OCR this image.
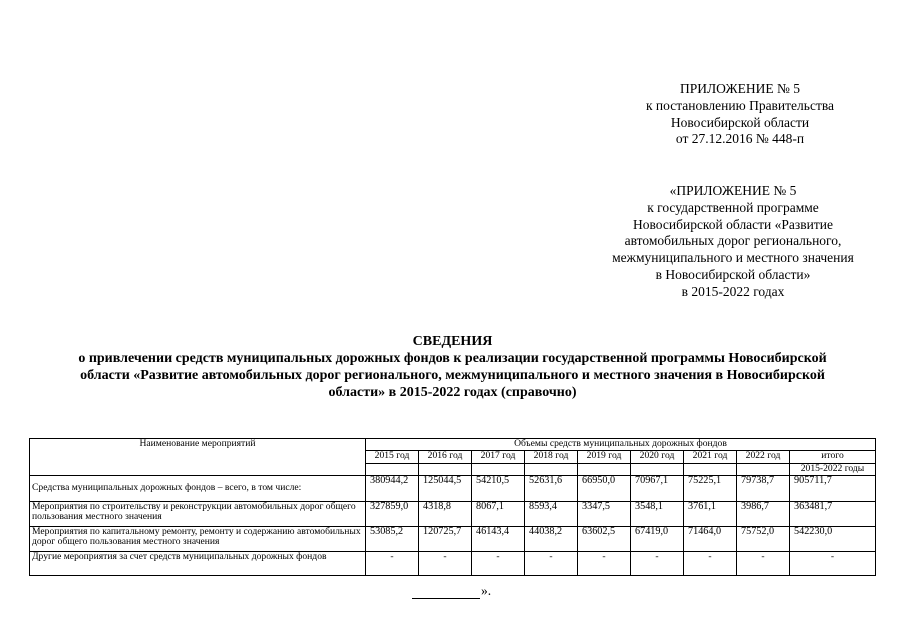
ПРИЛОЖЕНИЕ № 5
к постановлению Правительства
Новосибирской области
от 27.12.2016 № 448-п
«ПРИЛОЖЕНИЕ № 5
к государственной программе
Новосибирской области «Развитие
автомобильных дорог регионального,
межмуниципального и местного значения
в Новосибирской области»
в 2015-2022 годах
СВЕДЕНИЯ
о привлечении средств муниципальных дорожных фондов к реализации государственной программы Новосибирской
области «Развитие автомобильных дорог регионального, межмуниципального и местного значения в Новосибирской
области» в 2015-2022 годах (справочно)
Наименование мероприятий	Объемы средств муниципальных дорожных фондов								
	2015 год	2016 год	2017 год	2018 год	2019 год	2020 год	2021 год	2022 год	итого
									2015-2022 годы
Средства муниципальных дорожных фондов – всего, в том числе:	380944,2	125044,5	54210,5	52631,6	66950,0	70967,1	75225,1	79738,7	905711,7
Мероприятия по строительству и реконструкции автомобильных дорог общего пользования местного значения	327859,0	4318,8	8067,1	8593,4	3347,5	3548,1	3761,1	3986,7	363481,7
Мероприятия по капитальному ремонту, ремонту и содержанию автомобильных дорог общего пользования местного значения	53085,2	120725,7	46143,4	44038,2	63602,5	67419,0	71464,0	75752,0	542230,0
Другие мероприятия за счет средств муниципальных дорожных фондов	-	-	-	-	-	-	-	-	-
».
